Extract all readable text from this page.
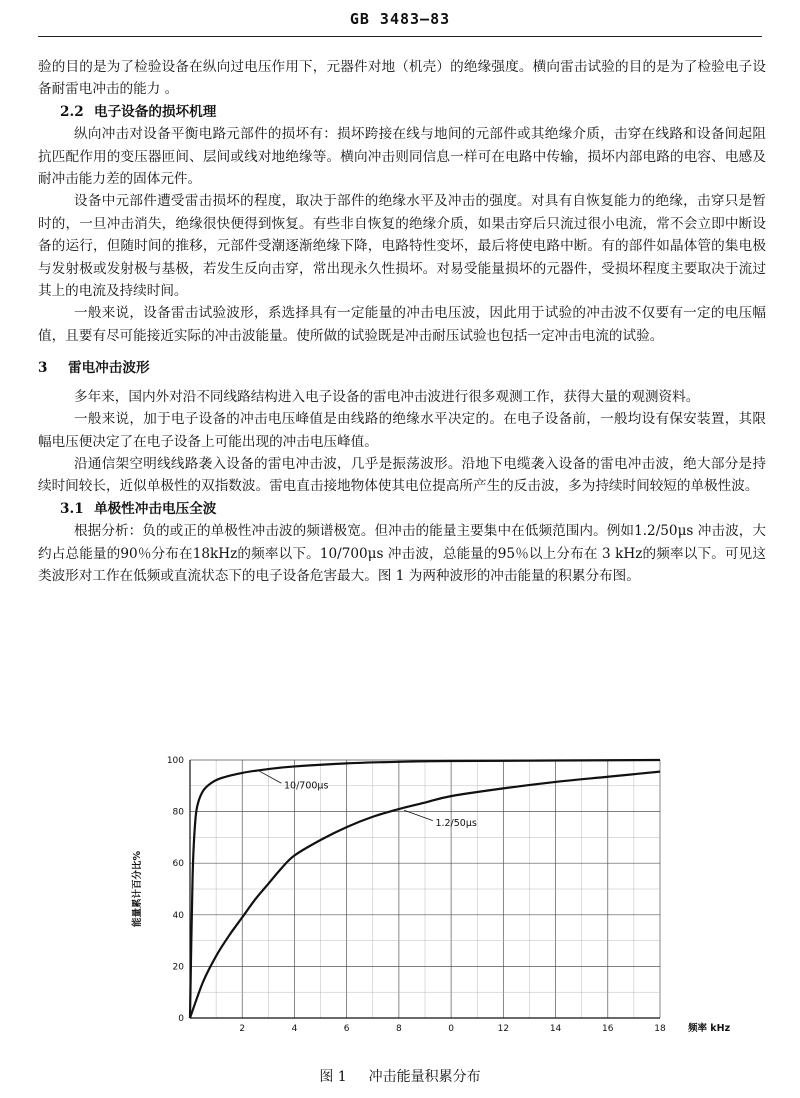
GB 3483—83

验的目的是为了检验设备在纵向过电压作用下，元器件对地（机壳）的绝缘强度。横向雷击试验的目的是为了检验电子设备耐雷电冲击的能力 。

2.2 电子设备的损坏机理

纵向冲击对设备平衡电路元部件的损坏有：损坏跨接在线与地间的元部件或其绝缘介质，击穿在线路和设备间起阻抗匹配作用的变压器匝间、层间或线对地绝缘等。横向冲击则同信息一样可在电路中传输，损坏内部电路的电容、电感及耐冲击能力差的固体元件。

设备中元部件遭受雷击损坏的程度，取决于部件的绝缘水平及冲击的强度。对具有自恢复能力的绝缘，击穿只是暂时的，一旦冲击消失，绝缘很快便得到恢复。有些非自恢复的绝缘介质，如果击穿后只流过很小电流，常不会立即中断设备的运行，但随时间的推移，元部件受潮逐渐绝缘下降，电路特性变坏，最后将使电路中断。有的部件如晶体管的集电极与发射极或发射极与基极，若发生反向击穿，常出现永久性损坏。对易受能量损坏的元器件，受损坏程度主要取决于流过其上的电流及持续时间。

一般来说，设备雷击试验波形，系选择具有一定能量的冲击电压波，因此用于试验的冲击波不仅要有一定的电压幅值，且要有尽可能接近实际的冲击波能量。使所做的试验既是冲击耐压试验也包括一定冲击电流的试验。

3 雷电冲击波形

多年来，国内外对沿不同线路结构进入电子设备的雷电冲击波进行很多观测工作，获得大量的观测资料。

一般来说，加于电子设备的冲击电压峰值是由线路的绝缘水平决定的。在电子设备前，一般均设有保安装置，其限幅电压便决定了在电子设备上可能出现的冲击电压峰值。

沿通信架空明线线路袭入设备的雷电冲击波，几乎是振荡波形。沿地下电缆袭入设备的雷电冲击波，绝大部分是持续时间较长，近似单极性的双指数波。雷电直击接地物体使其电位提高所产生的反击波，多为持续时间较短的单极性波。

3.1 单极性冲击电压全波

根据分析：负的或正的单极性冲击波的频谱极宽。但冲击的能量主要集中在低频范围内。例如1.2/50μs 冲击波，大约占总能量的90％分布在18kHz的频率以下。10/700μs 冲击波，总能量的95％以上分布在 3 kHz的频率以下。可见这类波形对工作在低频或直流状态下的电子设备危害最大。图 1 为两种波形的冲击能量的积累分布图。

2	4	6	8	0	12	14	16	18
0
20
40
60
80
100
10/700μs
1.2/50μs
频率 kHz
能量累计百分比%
图 1 冲击能量积累分布
